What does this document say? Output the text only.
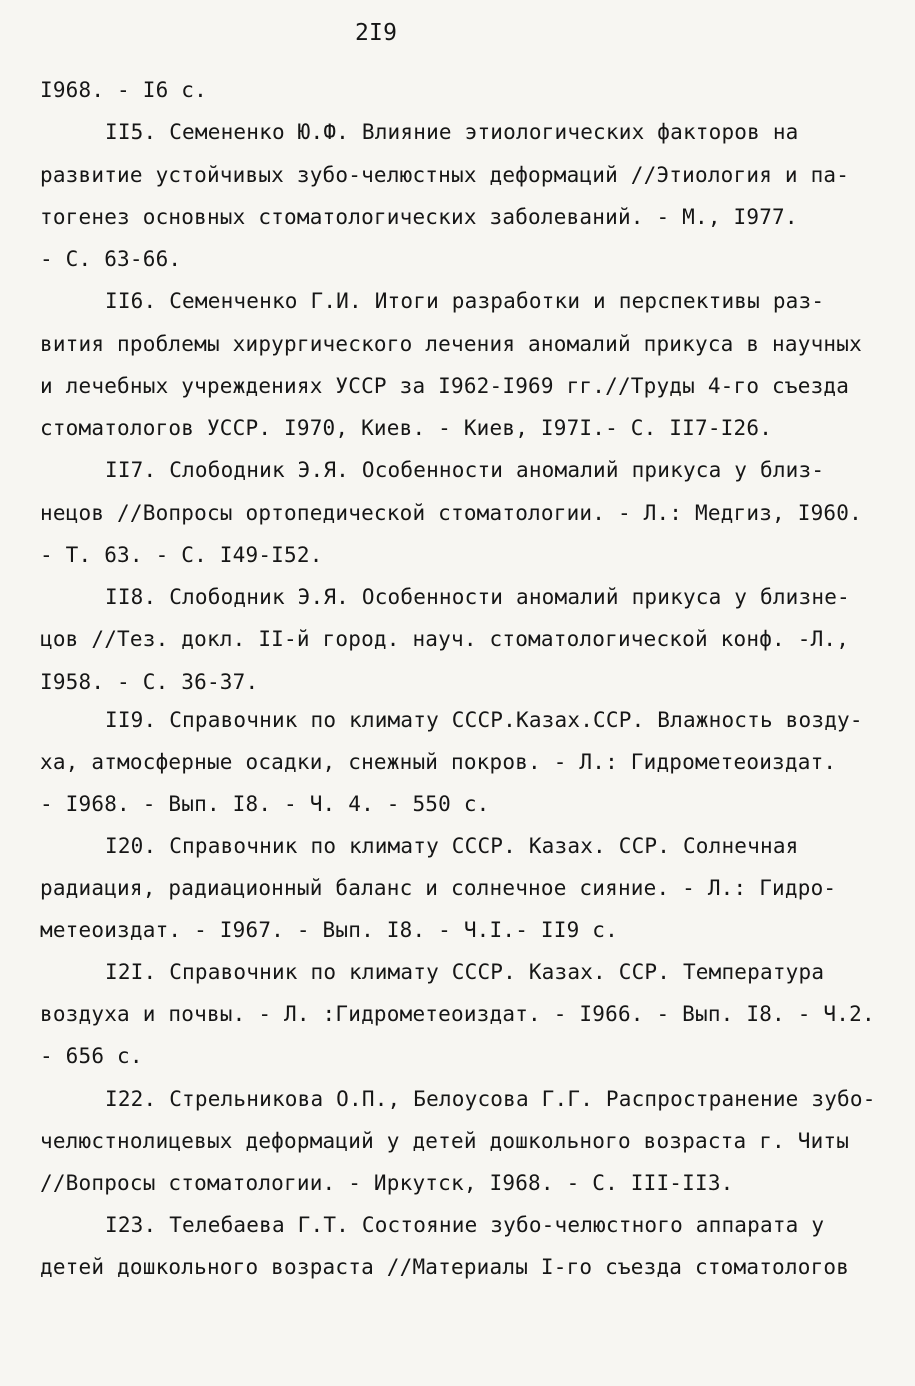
2I9
I968. - I6 с.
II5. Семененко Ю.Ф. Влияние этиологических факторов на
развитие устойчивых зубо-челюстных деформаций //Этиология и па-
тогенез основных стоматологических заболеваний. - М., I977.
- С. 63-66.
II6. Семенченко Г.И. Итоги разработки и перспективы раз-
вития проблемы хирургического лечения аномалий прикуса в научных
и лечебных учреждениях УССР за I962-I969 гг.//Труды 4-го съезда
стоматологов УССР. I970, Киев. - Киев, I97I.- С. II7-I26.
II7. Слободник Э.Я. Особенности аномалий прикуса у близ-
нецов //Вопросы ортопедической стоматологии. - Л.: Медгиз, I960.
- Т. 63. - С. I49-I52.
II8. Слободник Э.Я. Особенности аномалий прикуса у близне-
цов //Тез. докл. II-й город. науч. стоматологической конф. -Л.,
I958. - С. 36-37.
II9. Справочник по климату СССР.Казах.ССР. Влажность возду-
ха, атмосферные осадки, снежный покров. - Л.: Гидрометеоиздат.
- I968. - Вып. I8. - Ч. 4. - 550 с.
I20. Справочник по климату СССР. Казах. ССР. Солнечная
радиация, радиационный баланс и солнечное сияние. - Л.: Гидро-
метеоиздат. - I967. - Вып. I8. - Ч.I.- II9 с.
I2I. Справочник по климату СССР. Казах. ССР. Температура
воздуха и почвы. - Л. :Гидрометеоиздат. - I966. - Вып. I8. - Ч.2.
- 656 с.
I22. Стрельникова О.П., Белоусова Г.Г. Распространение зубо-
челюстнолицевых деформаций у детей дошкольного возраста г. Читы
//Вопросы стоматологии. - Иркутск, I968. - С. III-II3.
I23. Телебаева Г.Т. Состояние зубо-челюстного аппарата у
детей дошкольного возраста //Материалы I-го съезда стоматологов
